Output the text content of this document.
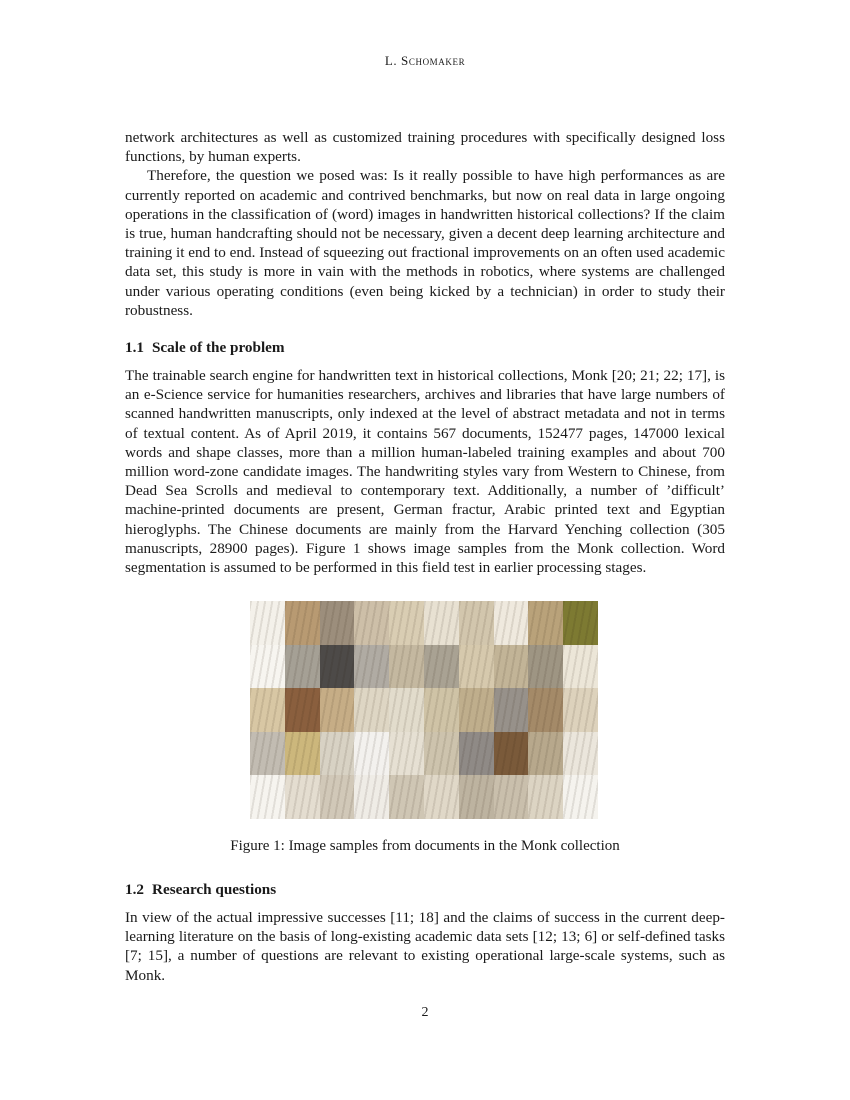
L. Schomaker

network architectures as well as customized training procedures with specifically designed loss functions, by human experts.

Therefore, the question we posed was: Is it really possible to have high performances as are currently reported on academic and contrived benchmarks, but now on real data in large ongoing operations in the classification of (word) images in handwritten historical collections? If the claim is true, human handcrafting should not be necessary, given a decent deep learning architecture and training it end to end. Instead of squeezing out fractional improvements on an often used academic data set, this study is more in vain with the methods in robotics, where systems are challenged under various operating conditions (even being kicked by a technician) in order to study their robustness.

1.1 Scale of the problem

The trainable search engine for handwritten text in historical collections, Monk [20; 21; 22; 17], is an e-Science service for humanities researchers, archives and libraries that have large numbers of scanned handwritten manuscripts, only indexed at the level of abstract metadata and not in terms of textual content. As of April 2019, it contains 567 documents, 152477 pages, 147000 lexical words and shape classes, more than a million human-labeled training examples and about 700 million word-zone candidate images. The handwriting styles vary from Western to Chinese, from Dead Sea Scrolls and medieval to contemporary text. Additionally, a number of ’difficult’ machine-printed documents are present, German fractur, Arabic printed text and Egyptian hieroglyphs. The Chinese documents are mainly from the Harvard Yenching collection (305 manuscripts, 28900 pages). Figure 1 shows image samples from the Monk collection. Word segmentation is assumed to be performed in this field test in earlier processing stages.

Figure 1: Image samples from documents in the Monk collection
1.2 Research questions

In view of the actual impressive successes [11; 18] and the claims of success in the current deep-learning literature on the basis of long-existing academic data sets [12; 13; 6] or self-defined tasks [7; 15], a number of questions are relevant to existing operational large-scale systems, such as Monk.

2
